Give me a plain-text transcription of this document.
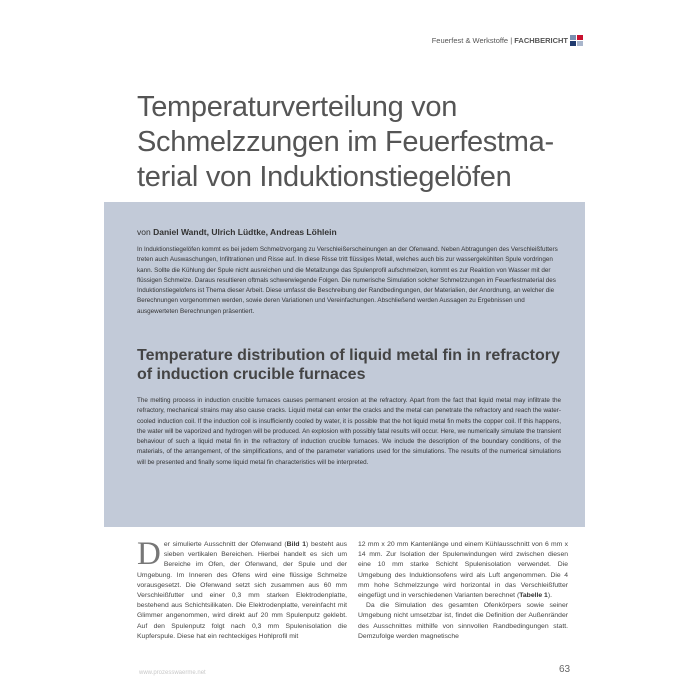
Feuerfest & Werkstoffe | FACHBERICHT
Temperaturverteilung von
Schmelzzungen im Feuerfestma-
terial von Induktionstiegelöfen
von Daniel Wandt, Ulrich Lüdtke, Andreas Löhlein

In Induktionstiegelöfen kommt es bei jedem Schmelzvorgang zu Verschleißerscheinungen an der Ofenwand. Neben Abtragungen des Verschleißfutters treten auch Auswaschungen, Infiltrationen und Risse auf. In diese Risse tritt flüssiges Metall, welches auch bis zur wassergekühlten Spule vordringen kann. Sollte die Kühlung der Spule nicht ausreichen und die Metallzunge das Spulenprofil aufschmelzen, kommt es zur Reaktion von Wasser mit der flüssigen Schmelze. Daraus resultieren oftmals schwerwiegende Folgen. Die numerische Simulation solcher Schmelzzungen im Feuerfestmaterial des Induktionstiegelofens ist Thema dieser Arbeit. Diese umfasst die Beschreibung der Randbedingungen, der Materialien, der Anordnung, an welcher die Berechnungen vorgenommen werden, sowie deren Variationen und Vereinfachungen. Abschließend werden Aussagen zu Ergebnissen und ausgewerteten Berechnungen präsentiert.

Temperature distribution of liquid metal fin in refractory
of induction crucible furnaces

The melting process in induction crucible furnaces causes permanent erosion at the refractory. Apart from the fact that liquid metal may infiltrate the refractory, mechanical strains may also cause cracks. Liquid metal can enter the cracks and the metal can penetrate the refractory and reach the water-cooled induction coil. If the induction coil is insufficiently cooled by water, it is possible that the hot liquid metal fin melts the copper coil. If this happens, the water will be vaporized and hydrogen will be produced. An explosion with possibly fatal results will occur. Here, we numerically simulate the transient behaviour of such a liquid metal fin in the refractory of induction crucible furnaces. We include the description of the boundary conditions, of the materials, of the arrangement, of the simplifications, and of the parameter variations used for the simulations. The results of the numerical simulations will be presented and finally some liquid metal fin characteristics will be interpreted.

Der simulierte Ausschnitt der Ofenwand (Bild 1) besteht aus sieben vertikalen Bereichen. Hierbei handelt es sich um Bereiche im Ofen, der Ofenwand, der Spule und der Umgebung. Im Inneren des Ofens wird eine flüssige Schmelze vorausgesetzt. Die Ofenwand setzt sich zusammen aus 60 mm Verschleißfutter und einer 0,3 mm starken Elektrodenplatte, bestehend aus Schichtsilikaten. Die Elektrodenplatte, vereinfacht mit Glimmer angenommen, wird direkt auf 20 mm Spulenputz geklebt. Auf den Spulenputz folgt nach 0,3 mm Spulenisolation die Kupferspule. Diese hat ein rechteckiges Hohlprofil mit

12 mm x 20 mm Kantenlänge und einem Kühlausschnitt von 6 mm x 14 mm. Zur Isolation der Spulenwindungen wird zwischen diesen eine 10 mm starke Schicht Spulenisolation verwendet. Die Umgebung des Induktionsofens wird als Luft angenommen. Die 4 mm hohe Schmelzzunge wird horizontal in das Verschleißfutter eingefügt und in verschiedenen Varianten berechnet (Tabelle 1).

Da die Simulation des gesamten Ofenkörpers sowie seiner Umgebung nicht umsetzbar ist, findet die Definition der Außenränder des Ausschnittes mithilfe von sinnvollen Randbedingungen statt. Demzufolge werden magnetische

www.prozesswaerme.net	63
